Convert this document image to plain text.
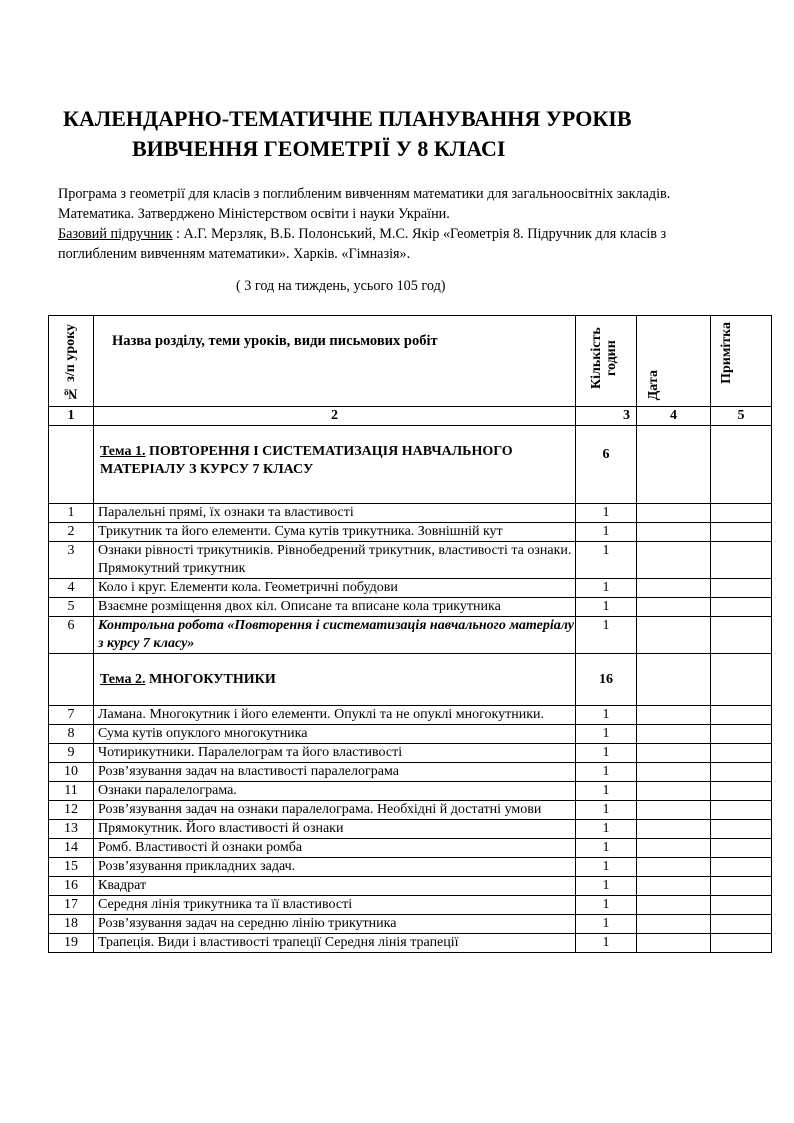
КАЛЕНДАРНО-ТЕМАТИЧНЕ ПЛАНУВАННЯ УРОКІВ
ВИВЧЕННЯ ГЕОМЕТРІЇ У 8 КЛАСІ
Програма з геометрії для класів з поглибленим вивченням математики для загальноосвітніх закладів. Математика. Затверджено Міністерством освіти і науки України.
Базовий підручник : А.Г. Мерзляк, В.Б. Полонський, М.С. Якір «Геометрія 8. Підручник для класів з поглибленим вивченням математики». Харків. «Гімназія».
( 3 год на тиждень, усього 105 год)
№ з/п уроку	Назва розділу, теми уроків, види письмових робіт	Кількість годин	Дата	Примітка

1	2	3	4	5
	Тема 1. ПОВТОРЕННЯ І СИСТЕМАТИЗАЦІЯ НАВЧАЛЬНОГО МАТЕРІАЛУ З КУРСУ 7 КЛАСУ	6		
1	Паралельні прямі, їх ознаки та властивості	1		
2	Трикутник та його елементи. Сума кутів трикутника. Зовнішній кут	1		
3	Ознаки рівності трикутників. Рівнобедрений трикутник, властивості та ознаки. Прямокутний трикутник	1		
4	Коло і круг. Елементи кола. Геометричні побудови	1		
5	Взаємне розміщення двох кіл. Описане та вписане кола трикутника	1		
6	Контрольна робота «Повторення і систематизація навчального матеріалу з курсу 7 класу»	1		
	Тема 2. МНОГОКУТНИКИ	16		
7	Ламана. Многокутник і його елементи. Опуклі та не опуклі многокутники.	1		
8	Сума кутів опуклого многокутника	1		
9	Чотирикутники. Паралелограм та його властивості	1		
10	Розв’язування задач на властивості паралелограма	1		
11	Ознаки паралелограма.	1		
12	Розв’язування задач на ознаки паралелограма. Необхідні й достатні умови	1		
13	Прямокутник. Його властивості й ознаки	1		
14	Ромб. Властивості й ознаки ромба	1		
15	Розв’язування прикладних задач.	1		
16	Квадрат	1		
17	Середня лінія трикутника та її властивості	1		
18	Розв’язування задач на середню лінію трикутника	1		
19	Трапеція. Види і властивості трапеції Середня лінія трапеції	1		
